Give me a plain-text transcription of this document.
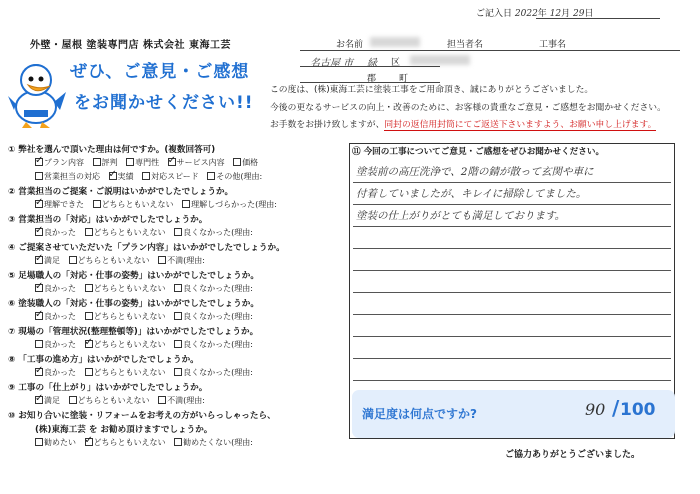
ご記入日 2022年 12月 29日
外壁・屋根 塗装専門店 株式会社 東海工芸
ぜひ、ご意見・ご感想
をお聞かせください!!
お名前	担当者名	工事名
名古屋 市 緑 区
郡	町
この度は、(株)東海工芸に塗装工事をご用命頂き、誠にありがとうございました。
今後の更なるサービスの向上・改善のために、お客様の貴重なご意見・ご感想をお聞かせください。
お手数をお掛け致しますが、同封の返信用封筒にてご返送下さいますよう、お願い申し上げます。
① 弊社を選んで頂いた理由は何ですか。(複数回答可)
✓プラン内容 評判 専門性 ✓ サービス内容 価格
営業担当の対応 ✓ 実績 対応スピード その他(理由:
② 営業担当のご提案・ご説明はいかがでしたでしょうか。
✓理解できた どちらともいえない 理解しづらかった(理由:
③ 営業担当の「対応」はいかがでしたでしょうか。
✓良かった どちらともいえない 良くなかった(理由:
④ ご提案させていただいた「プラン内容」はいかがでしたでしょうか。
✓満足 どちらともいえない 不満(理由:
⑤ 足場職人の「対応・仕事の姿勢」はいかがでしたでしょうか。
✓良かった どちらともいえない 良くなかった(理由:
⑥ 塗装職人の「対応・仕事の姿勢」はいかがでしたでしょうか。
✓良かった どちらともいえない 良くなかった(理由:
⑦ 現場の「管理状況(整理整頓等)」はいかがでしたでしょうか。
良かった ✓ どちらともいえない 良くなかった(理由:
⑧ 「工事の進め方」はいかがでしたでしょうか。
✓良かった どちらともいえない 良くなかった(理由:
⑨ 工事の「仕上がり」はいかがでしたでしょうか。
✓満足 どちらともいえない 不満(理由:
⑩ お知り合いに塗装・リフォームをお考えの方がいらっしゃったら、
(株)東海工芸 を お勧め頂けますでしょうか。
勧めたい ✓ どちらともいえない 勧めたくない(理由:
⑪ 今回の工事についてご意見・ご感想をぜひお聞かせください。
塗装前の高圧洗浄で、2階の錆が散って玄関や車に
付着していましたが、キレイに掃除してました。
塗装の仕上がりがとても満足しております。
満足度は何点ですか?	90 / 100
ご協力ありがとうございました。
